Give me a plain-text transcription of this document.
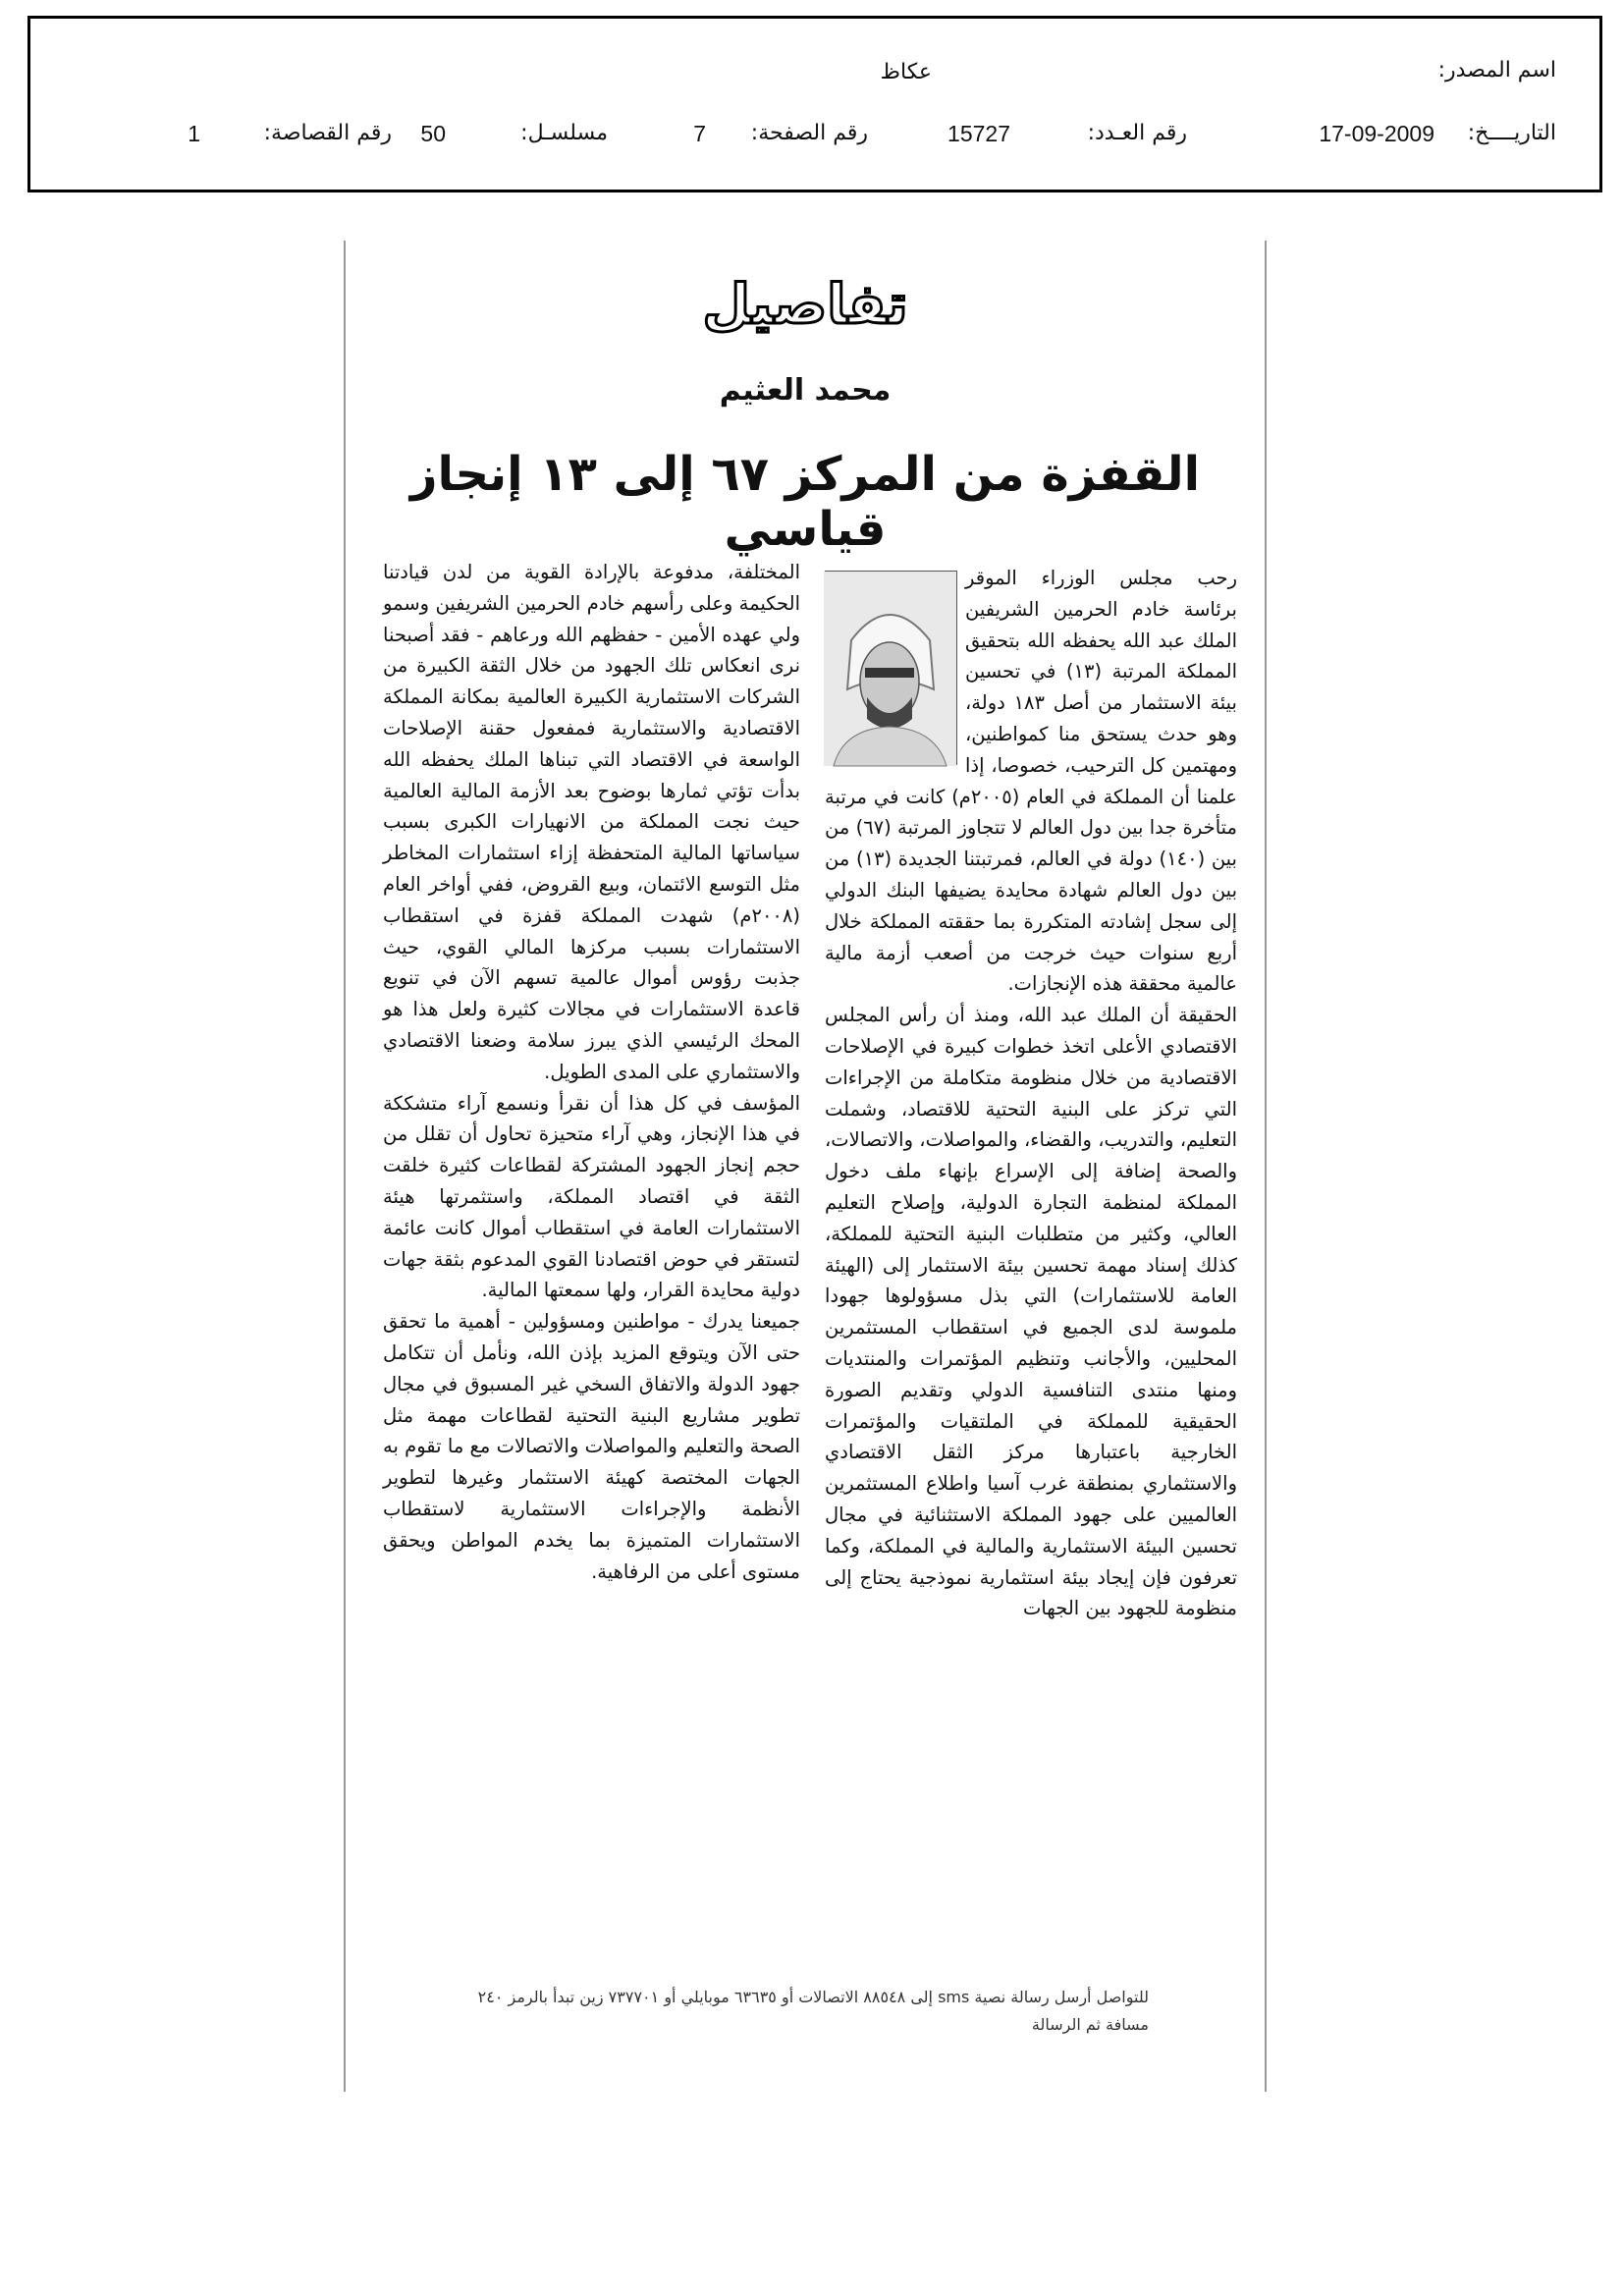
اسم المصدر:
عكاظ
التاريــــخ:
17-09-2009
رقم العـدد:
15727
رقم الصفحة:
7
مسلسـل:
50
رقم القصاصة:
1
تفاصيل
محمد العثيم
القفزة من المركز ٦٧ إلى ١٣ إنجاز قياسي

رحب مجلس الوزراء الموقر برئاسة خادم الحرمين الشريفين الملك عبد الله يحفظه الله بتحقيق المملكة المرتبة (١٣) في تحسين بيئة الاستثمار من أصل ١٨٣ دولة، وهو حدث يستحق منا كمواطنين، ومهتمين كل الترحيب، خصوصا، إذا علمنا أن المملكة في العام (٢٠٠٥م) كانت في مرتبة متأخرة جدا بين دول العالم لا تتجاوز المرتبة (٦٧) من بين (١٤٠) دولة في العالم، فمرتبتنا الجديدة (١٣) من بين دول العالم شهادة محايدة يضيفها البنك الدولي إلى سجل إشادته المتكررة بما حققته المملكة خلال أربع سنوات حيث خرجت من أصعب أزمة مالية عالمية محققة هذه الإنجازات.

الحقيقة أن الملك عبد الله، ومنذ أن رأس المجلس الاقتصادي الأعلى اتخذ خطوات كبيرة في الإصلاحات الاقتصادية من خلال منظومة متكاملة من الإجراءات التي تركز على البنية التحتية للاقتصاد، وشملت التعليم، والتدريب، والقضاء، والمواصلات، والاتصالات، والصحة إضافة إلى الإسراع بإنهاء ملف دخول المملكة لمنظمة التجارة الدولية، وإصلاح التعليم العالي، وكثير من متطلبات البنية التحتية للمملكة، كذلك إسناد مهمة تحسين بيئة الاستثمار إلى (الهيئة العامة للاستثمارات) التي بذل مسؤولوها جهودا ملموسة لدى الجميع في استقطاب المستثمرين المحليين، والأجانب وتنظيم المؤتمرات والمنتديات ومنها منتدى التنافسية الدولي وتقديم الصورة الحقيقية للمملكة في الملتقيات والمؤتمرات الخارجية باعتبارها مركز الثقل الاقتصادي والاستثماري بمنطقة غرب آسيا واطلاع المستثمرين العالميين على جهود المملكة الاستثنائية في مجال تحسين البيئة الاستثمارية والمالية في المملكة، وكما تعرفون فإن إيجاد بيئة استثمارية نموذجية يحتاج إلى منظومة للجهود بين الجهات

المختلفة، مدفوعة بالإرادة القوية من لدن قيادتنا الحكيمة وعلى رأسهم خادم الحرمين الشريفين وسمو ولي عهده الأمين - حفظهم الله ورعاهم - فقد أصبحنا نرى انعكاس تلك الجهود من خلال الثقة الكبيرة من الشركات الاستثمارية الكبيرة العالمية بمكانة المملكة الاقتصادية والاستثمارية فمفعول حقنة الإصلاحات الواسعة في الاقتصاد التي تبناها الملك يحفظه الله بدأت تؤتي ثمارها بوضوح بعد الأزمة المالية العالمية حيث نجت المملكة من الانهيارات الكبرى بسبب سياساتها المالية المتحفظة إزاء استثمارات المخاطر مثل التوسع الائتمان، وبيع القروض، ففي أواخر العام (٢٠٠٨م) شهدت المملكة قفزة في استقطاب الاستثمارات بسبب مركزها المالي القوي، حيث جذبت رؤوس أموال عالمية تسهم الآن في تنويع قاعدة الاستثمارات في مجالات كثيرة ولعل هذا هو المحك الرئيسي الذي يبرز سلامة وضعنا الاقتصادي والاستثماري على المدى الطويل.

المؤسف في كل هذا أن نقرأ ونسمع آراء متشككة في هذا الإنجاز، وهي آراء متحيزة تحاول أن تقلل من حجم إنجاز الجهود المشتركة لقطاعات كثيرة خلقت الثقة في اقتصاد المملكة، واستثمرتها هيئة الاستثمارات العامة في استقطاب أموال كانت عائمة لتستقر في حوض اقتصادنا القوي المدعوم بثقة جهات دولية محايدة القرار، ولها سمعتها المالية.

جميعنا يدرك - مواطنين ومسؤولين - أهمية ما تحقق حتى الآن ويتوقع المزيد بإذن الله، ونأمل أن تتكامل جهود الدولة والاتفاق السخي غير المسبوق في مجال تطوير مشاريع البنية التحتية لقطاعات مهمة مثل الصحة والتعليم والمواصلات والاتصالات مع ما تقوم به الجهات المختصة كهيئة الاستثمار وغيرها لتطوير الأنظمة والإجراءات الاستثمارية لاستقطاب الاستثمارات المتميزة بما يخدم المواطن ويحقق مستوى أعلى من الرفاهية.

للتواصل أرسل رسالة نصية sms إلى ٨٨٥٤٨ الاتصالات أو ٦٣٦٣٥ موبايلي أو ٧٣٧٧٠١ زين تبدأ بالرمز ٢٤٠ مسافة ثم الرسالة
